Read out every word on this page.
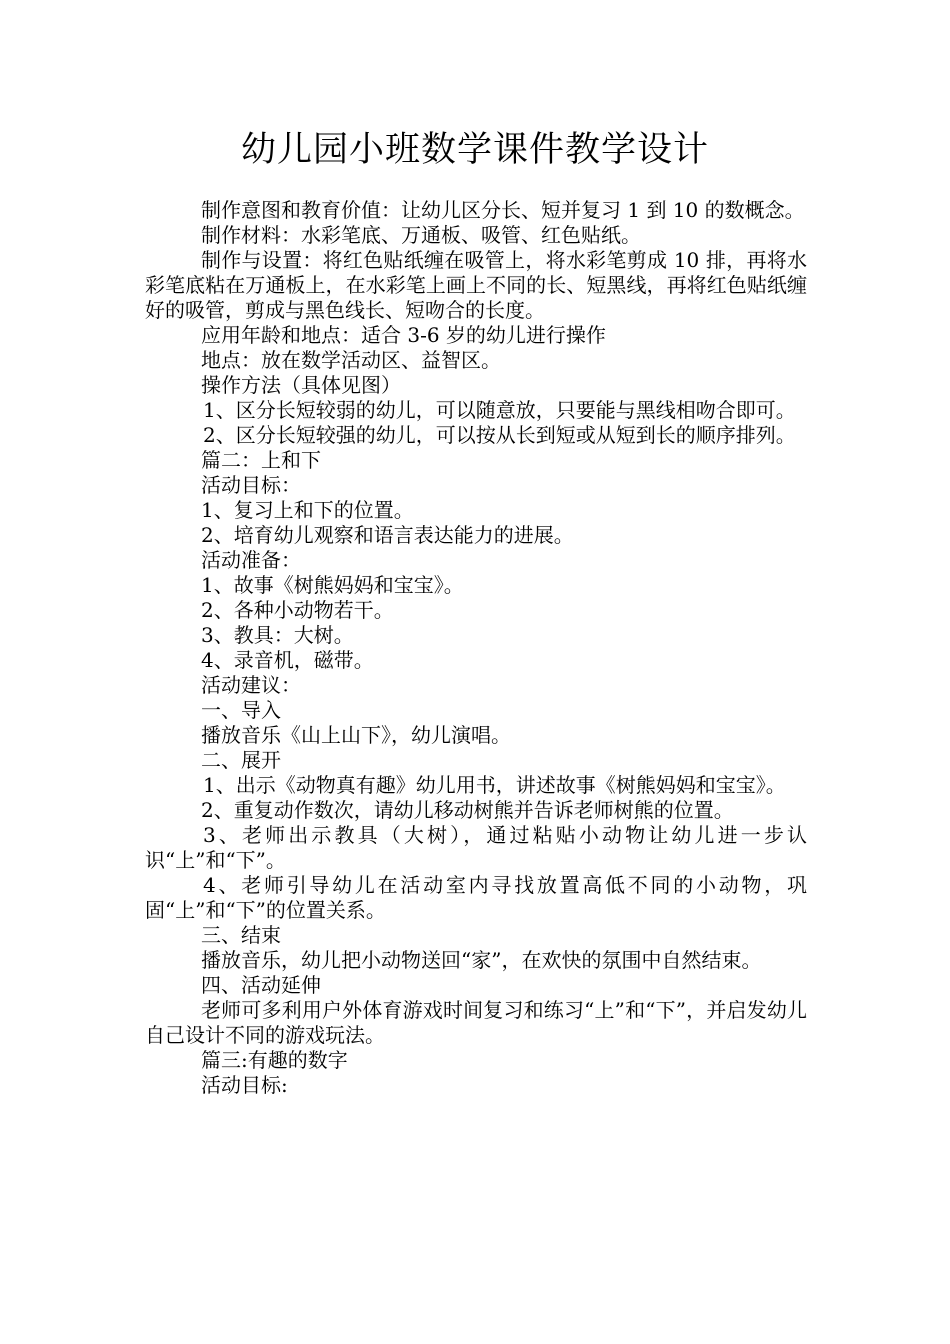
幼儿园小班数学课件教学设计

制作意图和教育价值：让幼儿区分长、短并复习 1 到 10 的数概念。

制作材料：水彩笔底、万通板、吸管、红色贴纸。

制作与设置：将红色贴纸缠在吸管上，将水彩笔剪成 10 排，再将水彩笔底粘在万通板上，在水彩笔上画上不同的长、短黑线，再将红色贴纸缠好的吸管，剪成与黑色线长、短吻合的长度。

应用年龄和地点：适合 3-6 岁的幼儿进行操作

地点：放在数学活动区、益智区。

操作方法（具体见图）

1、区分长短较弱的幼儿，可以随意放，只要能与黑线相吻合即可。

2、区分长短较强的幼儿，可以按从长到短或从短到长的顺序排列。

篇二：上和下

活动目标：

1、复习上和下的位置。

2、培育幼儿观察和语言表达能力的进展。

活动准备：

1、故事《树熊妈妈和宝宝》。

2、各种小动物若干。

3、教具：大树。

4、录音机，磁带。

活动建议：

一、导入

播放音乐《山上山下》，幼儿演唱。

二、展开

1、出示《动物真有趣》幼儿用书，讲述故事《树熊妈妈和宝宝》。

2、重复动作数次，请幼儿移动树熊并告诉老师树熊的位置。

3、老师出示教具（大树），通过粘贴小动物让幼儿进一步认识“上”和“下”。

4、老师引导幼儿在活动室内寻找放置高低不同的小动物，巩固“上”和“下”的位置关系。

三、结束

播放音乐，幼儿把小动物送回“家”，在欢快的氛围中自然结束。

四、活动延伸

老师可多利用户外体育游戏时间复习和练习“上”和“下”，并启发幼儿自己设计不同的游戏玩法。

篇三:有趣的数字

活动目标:
